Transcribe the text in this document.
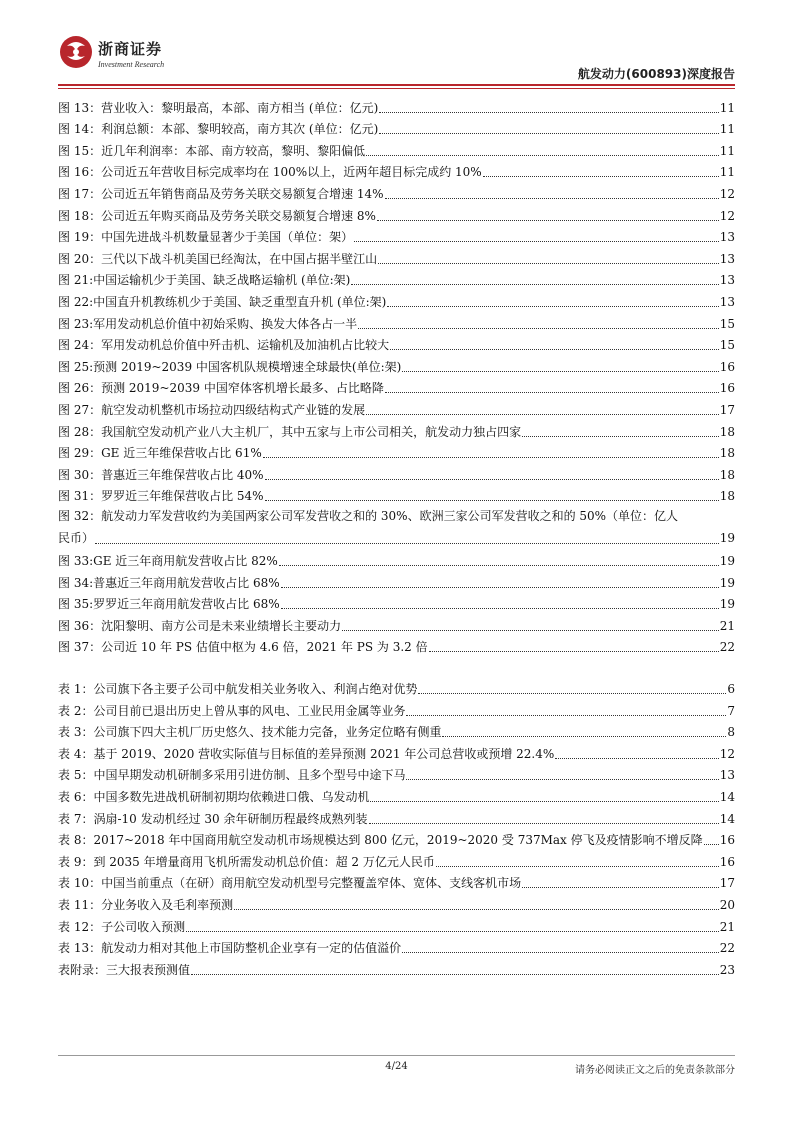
浙商证券
Investment Research
航发动力(600893)深度报告
图 13：营业收入：黎明最高，本部、南方相当 (单位：亿元)	11
图 14：利润总额：本部、黎明较高，南方其次 (单位：亿元)	11
图 15：近几年利润率：本部、南方较高，黎明、黎阳偏低	11
图 16：公司近五年营收目标完成率均在 100%以上，近两年超目标完成约 10%	11
图 17：公司近五年销售商品及劳务关联交易额复合增速 14%	12
图 18：公司近五年购买商品及劳务关联交易额复合增速 8%	12
图 19：中国先进战斗机数量显著少于美国（单位：架）	13
图 20：三代以下战斗机美国已经淘汰，在中国占据半壁江山	13
图 21:中国运输机少于美国、缺乏战略运输机 (单位:架)	13
图 22:中国直升机教练机少于美国、缺乏重型直升机 (单位:架)	13
图 23:军用发动机总价值中初始采购、换发大体各占一半	15
图 24：军用发动机总价值中歼击机、运输机及加油机占比较大	15
图 25:预测 2019~2039 中国客机队规模增速全球最快(单位:架)	16
图 26：预测 2019~2039 中国窄体客机增长最多、占比略降	16
图 27：航空发动机整机市场拉动四级结构式产业链的发展	17
图 28：我国航空发动机产业八大主机厂，其中五家与上市公司相关，航发动力独占四家	18
图 29：GE 近三年维保营收占比 61%	18
图 30：普惠近三年维保营收占比 40%	18
图 31：罗罗近三年维保营收占比 54%	18
图 32：航发动力军发营收约为美国两家公司军发营收之和的 30%、欧洲三家公司军发营收之和的 50%（单位：亿人
民币）	19
图 33:GE 近三年商用航发营收占比 82%	19
图 34:普惠近三年商用航发营收占比 68%	19
图 35:罗罗近三年商用航发营收占比 68%	19
图 36：沈阳黎明、南方公司是未来业绩增长主要动力	21
图 37：公司近 10 年 PS 估值中枢为 4.6 倍，2021 年 PS 为 3.2 倍	22
表 1：公司旗下各主要子公司中航发相关业务收入、利润占绝对优势	6
表 2：公司目前已退出历史上曾从事的风电、工业民用金属等业务	7
表 3：公司旗下四大主机厂历史悠久、技术能力完备，业务定位略有侧重	8
表 4：基于 2019、2020 营收实际值与目标值的差异预测 2021 年公司总营收或预增 22.4%	12
表 5：中国早期发动机研制多采用引进仿制、且多个型号中途下马	13
表 6：中国多数先进战机研制初期均依赖进口俄、乌发动机	14
表 7：涡扇-10 发动机经过 30 余年研制历程最终成熟列装	14
表 8：2017~2018 年中国商用航空发动机市场规模达到 800 亿元，2019~2020 受 737Max 停飞及疫情影响不增反降 16
表 9：到 2035 年增量商用飞机所需发动机总价值：超 2 万亿元人民币	16
表 10：中国当前重点（在研）商用航空发动机型号完整覆盖窄体、宽体、支线客机市场	17
表 11：分业务收入及毛利率预测	20
表 12：子公司收入预测	21
表 13：航发动力相对其他上市国防整机企业享有一定的估值溢价	22
表附录：三大报表预测值	23
4/24	请务必阅读正文之后的免责条款部分
